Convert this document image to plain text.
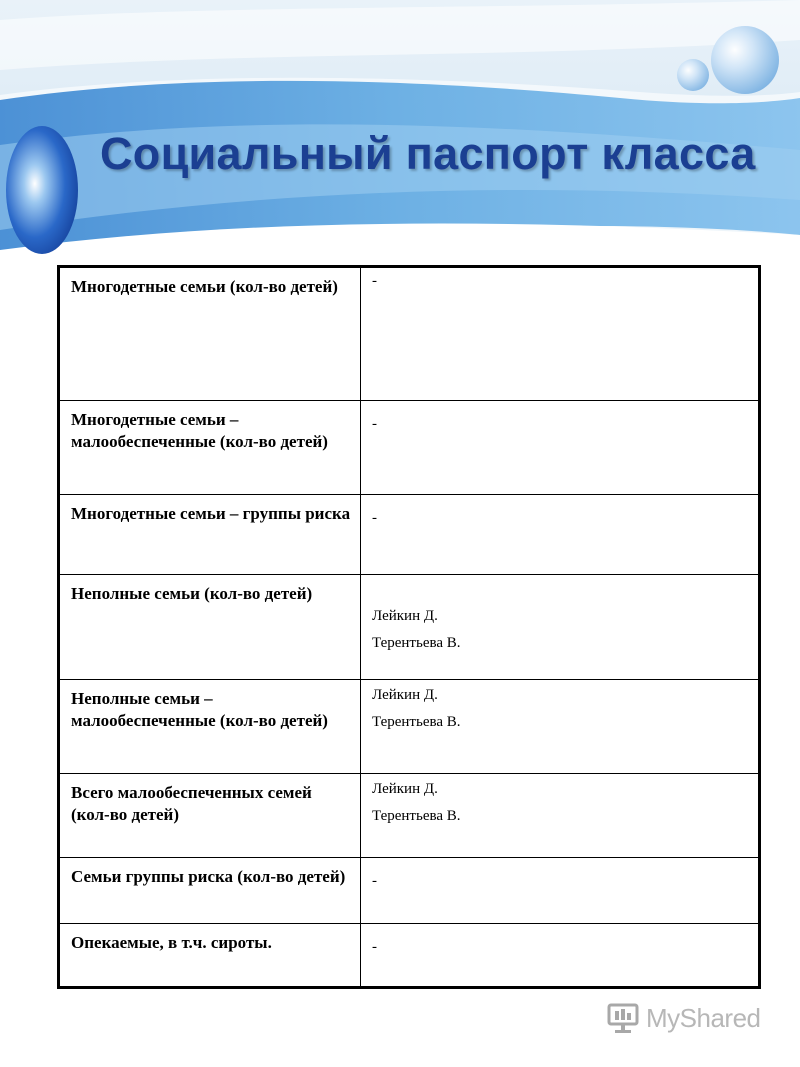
Социальный паспорт класса
Многодетные семьи (кол-во детей)	-

Многодетные семьи – малообеспеченные (кол-во детей)	-

Многодетные семьи – группы риска	-

Неполные семьи (кол-во детей)	Лейкин Д.
Терентьева В.

Неполные семьи – малообеспеченные (кол-во детей)	Лейкин Д.
Терентьева В.

Всего малообеспеченных семей (кол-во детей)	Лейкин Д.
Терентьева В.

Семьи группы риска (кол-во детей)	-

Опекаемые, в т.ч. сироты.	-
MyShared
